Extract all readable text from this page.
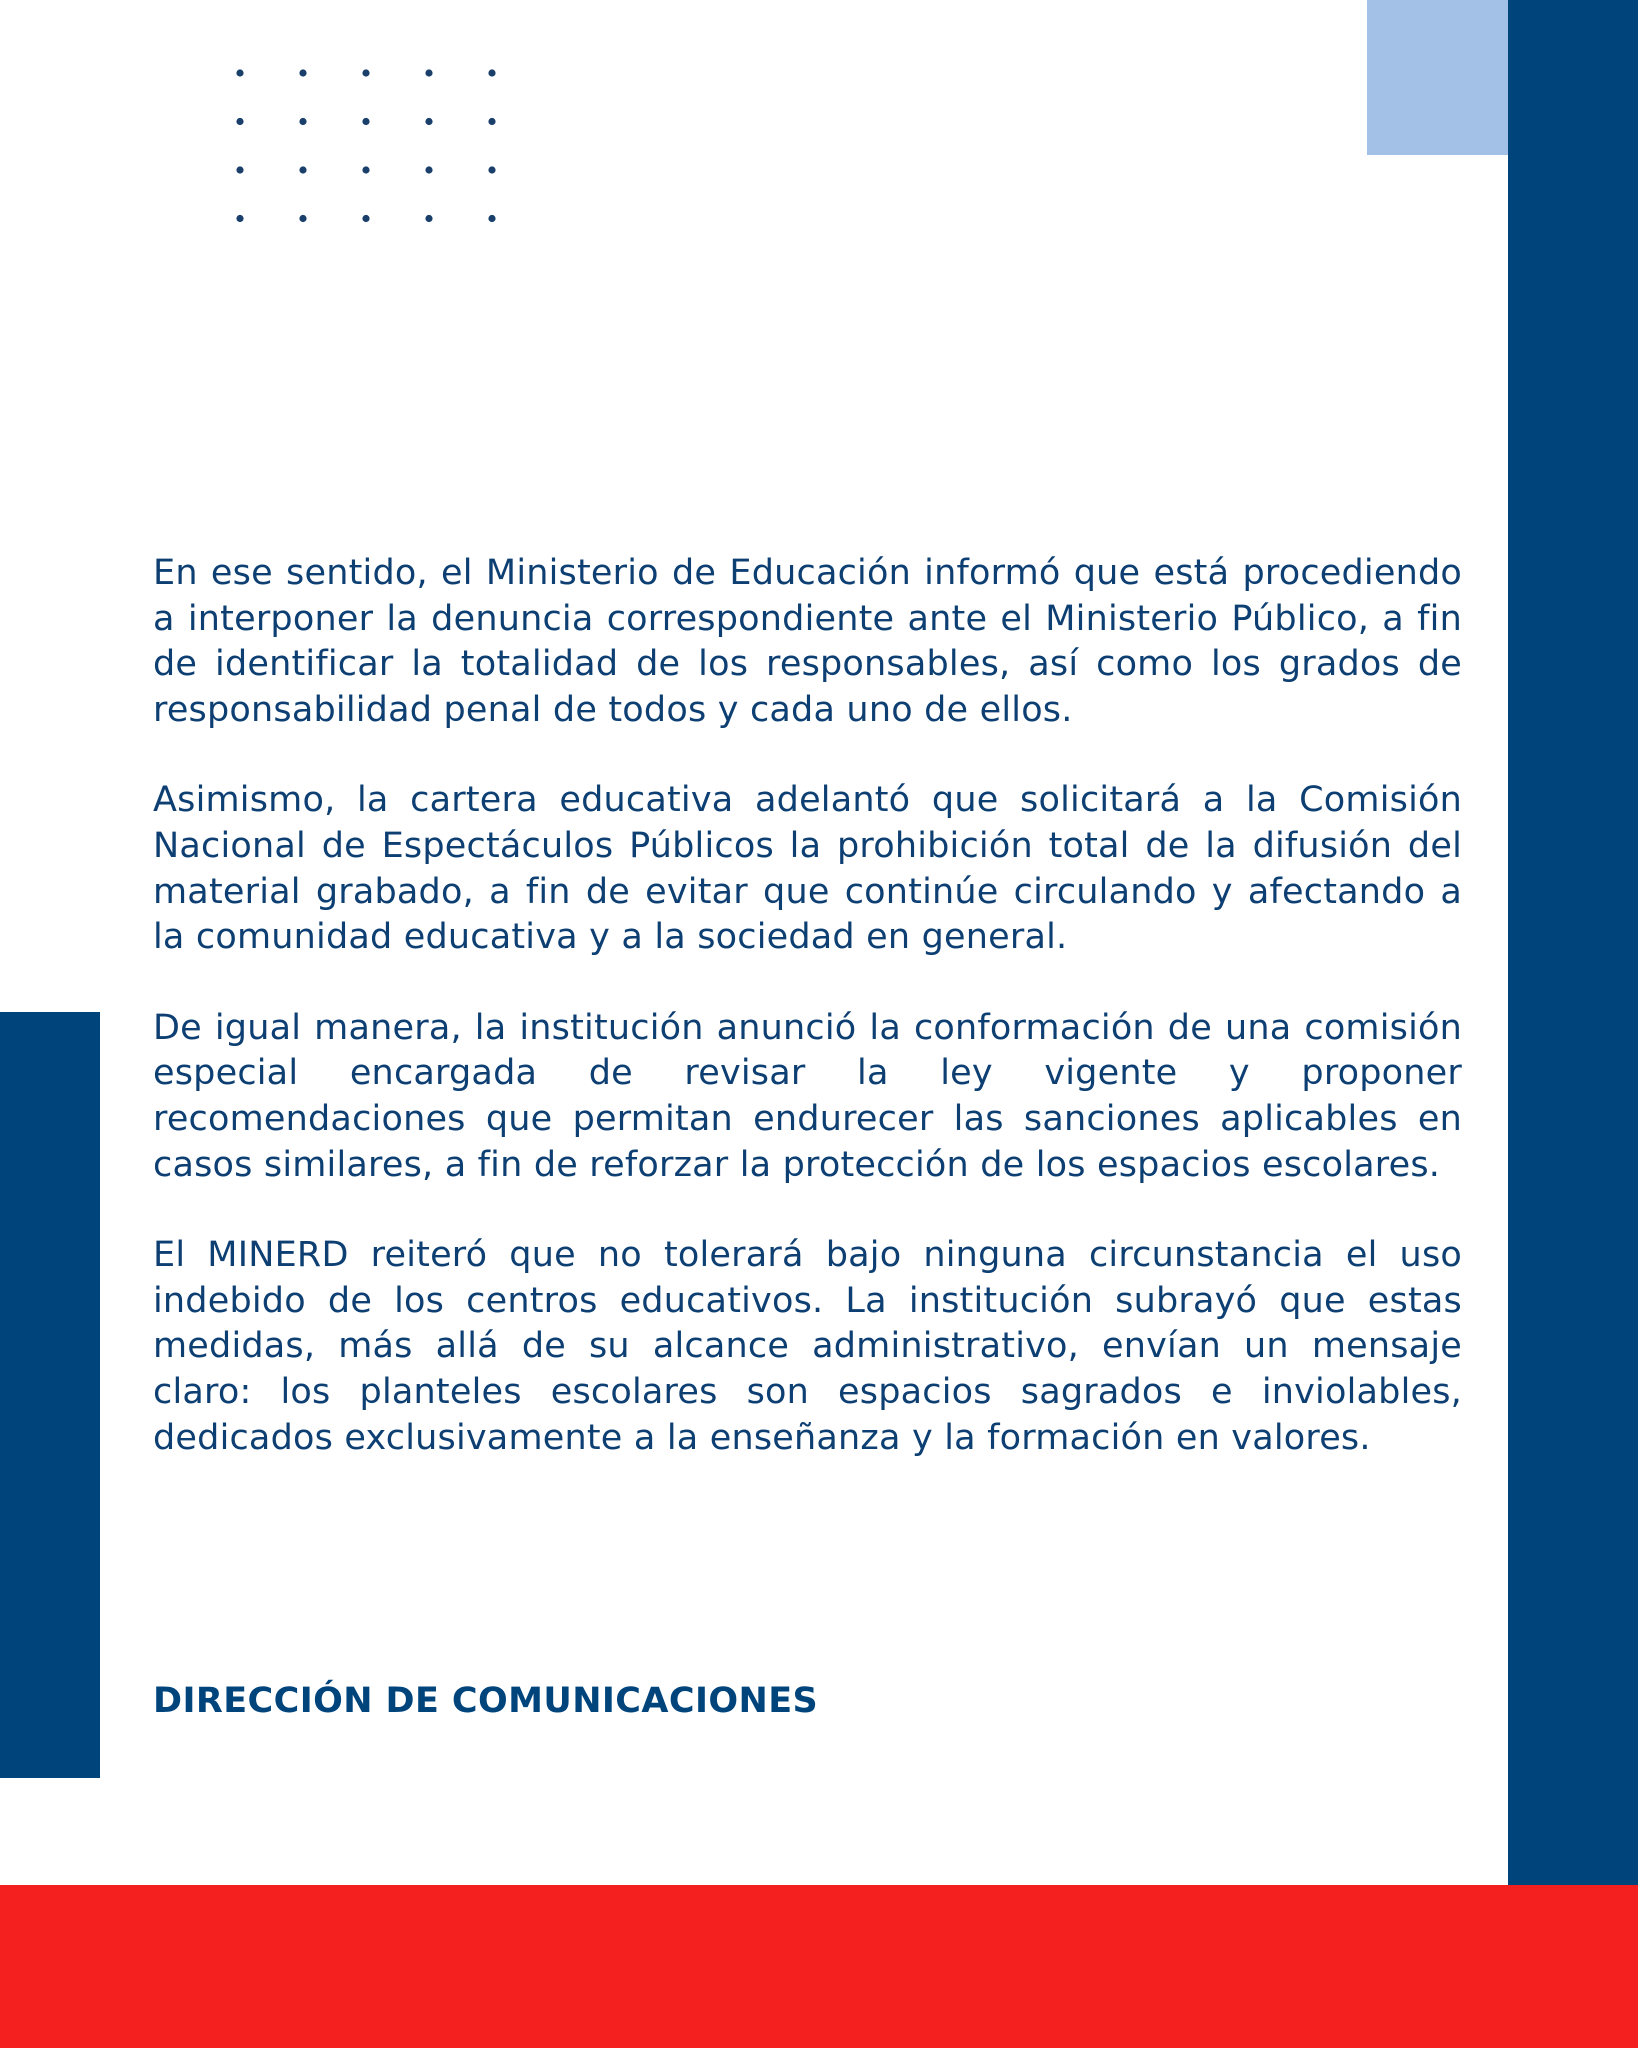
En ese sentido, el Ministerio de Educación informó que está procediendo a interponer la denuncia correspondiente ante el Ministerio Público, a fin de identificar la totalidad de los responsables, así como los grados de responsabilidad penal de todos y cada uno de ellos.

Asimismo, la cartera educativa adelantó que solicitará a la Comisión Nacional de Espectáculos Públicos la prohibición total de la difusión del material grabado, a fin de evitar que continúe circulando y afectando a la comunidad educativa y a la sociedad en general.

De igual manera, la institución anunció la conformación de una comisión especial encargada de revisar la ley vigente y proponer recomendaciones que permitan endurecer las sanciones aplicables en casos similares, a fin de reforzar la protección de los espacios escolares.

El MINERD reiteró que no tolerará bajo ninguna circunstancia el uso indebido de los centros educativos. La institución subrayó que estas medidas, más allá de su alcance administrativo, envían un mensaje claro: los planteles escolares son espacios sagrados e inviolables, dedicados exclusivamente a la enseñanza y la formación en valores.

DIRECCIÓN DE COMUNICACIONES
